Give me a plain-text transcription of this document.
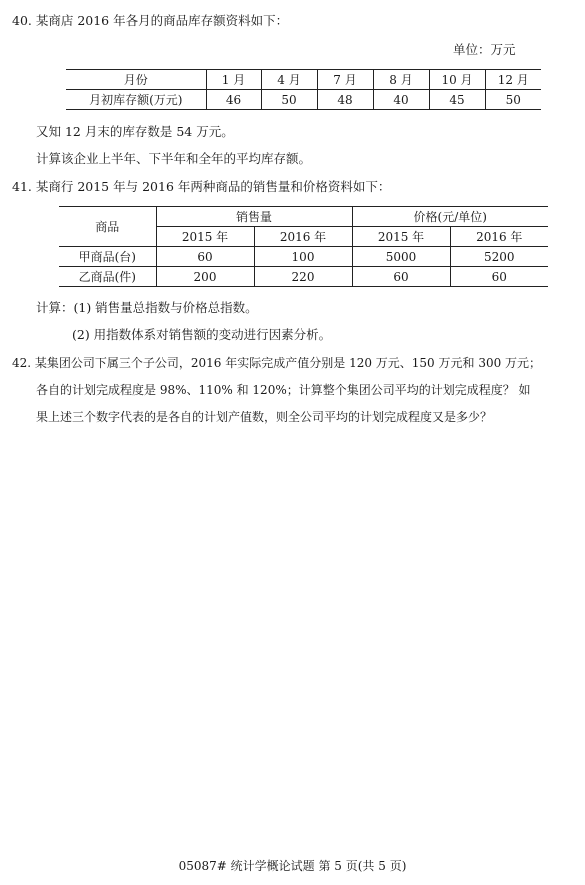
40. 某商店 2016 年各月的商品库存额资料如下：
单位：万元
月份	1 月	4 月	7 月	8 月	10 月	12 月
月初库存额(万元)	46	50	48	40	45	50
又知 12 月末的库存数是 54 万元。
计算该企业上半年、下半年和全年的平均库存额。
41. 某商行 2015 年与 2016 年两种商品的销售量和价格资料如下：
商品	销售量		价格(元/单位)	
	2015 年	2016 年	2015 年	2016 年
甲商品(台)	60	100	5000	5200
乙商品(件)	200	220	60	60
计算：(1) 销售量总指数与价格总指数。
(2) 用指数体系对销售额的变动进行因素分析。
42. 某集团公司下属三个子公司，2016 年实际完成产值分别是 120 万元、150 万元和 300 万元；
各自的计划完成程度是 98%、110% 和 120%；计算整个集团公司平均的计划完成程度？ 如
果上述三个数字代表的是各自的计划产值数，则全公司平均的计划完成程度又是多少？
05087# 统计学概论试题 第 5 页(共 5 页)
